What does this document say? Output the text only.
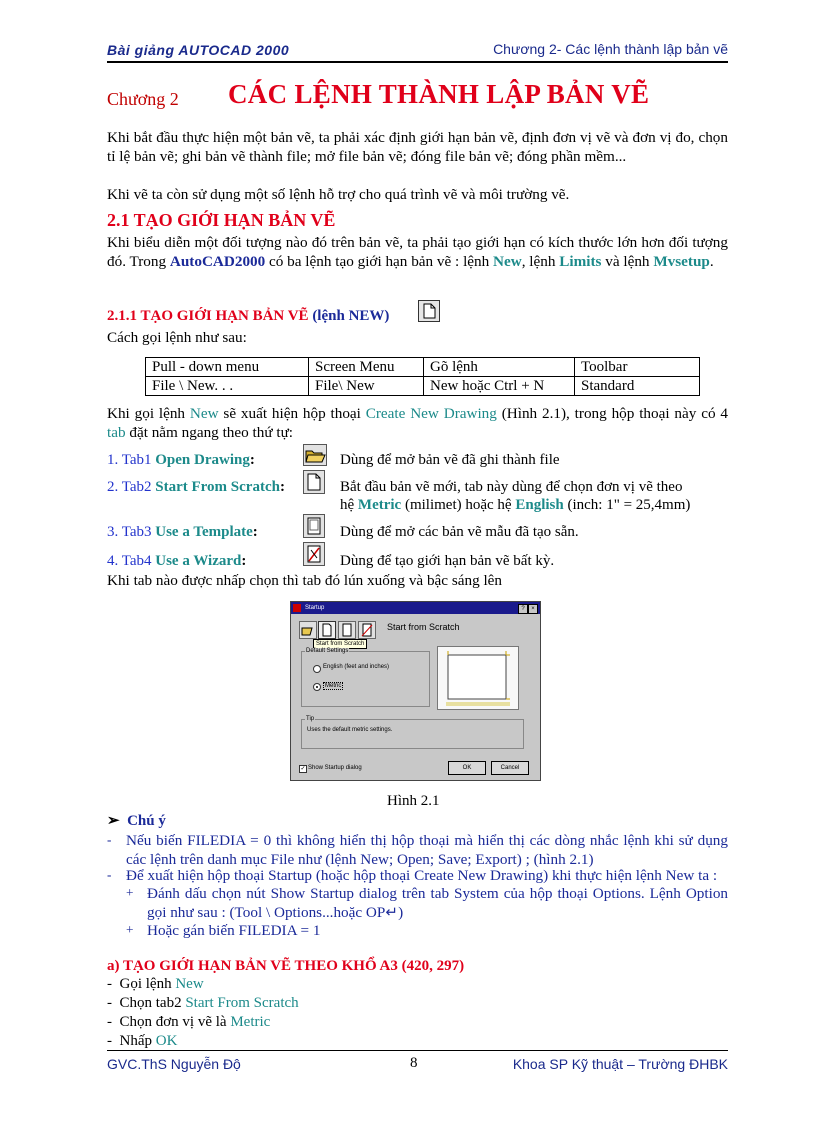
Bài giảng AUTOCAD 2000	Chương 2- Các lệnh thành lập bản vẽ
Chương 2 CÁC LỆNH THÀNH LẬP BẢN VẼ

Khi bắt đầu thực hiện một bản vẽ, ta phải xác định giới hạn bản vẽ, định đơn vị vẽ và đơn vị đo, chọn tỉ lệ bản vẽ; ghi bản vẽ thành file; mở file bản vẽ; đóng file bản vẽ; đóng phần mềm...

Khi vẽ ta còn sử dụng một số lệnh hỗ trợ cho quá trình vẽ và môi trường vẽ.

2.1 TẠO GIỚI HẠN BẢN VẼ

Khi biểu diễn một đối tượng nào đó trên bản vẽ, ta phải tạo giới hạn có kích thước lớn hơn đối tượng đó. Trong AutoCAD2000 có ba lệnh tạo giới hạn bản vẽ : lệnh New, lệnh Limits và lệnh Mvsetup.

2.1.1 TẠO GIỚI HẠN BẢN VẼ (lệnh NEW)

Cách gọi lệnh như sau:

Pull - down menu	Screen Menu	Gõ lệnh	Toolbar
File \ New. . .	File\ New	New hoặc Ctrl + N	Standard

Khi gọi lệnh New sẽ xuất hiện hộp thoại Create New Drawing (Hình 2.1), trong hộp thoại này có 4 tab đặt nằm ngang theo thứ tự:

1. Tab1 Open Drawing:	Dùng để mở bản vẽ đã ghi thành file
2. Tab2 Start From Scratch:	Bắt đầu bản vẽ mới, tab này dùng để chọn đơn vị vẽ theo
hệ Metric (milimet) hoặc hệ English (inch: 1" = 25,4mm)
3. Tab3 Use a Template:	Dùng để mở các bản vẽ mẫu đã tạo sẵn.
4. Tab4 Use a Wizard:	Dùng để tạo giới hạn bản vẽ bất kỳ.

Khi tab nào được nhấp chọn thì tab đó lún xuống và bậc sáng lên

Startup	?	×
Start from Scratch
Start from Scratch
Default Settings
English (feet and inches)
Metric
Tip
Uses the default metric settings.
✓ Show Startup dialog	OK	Cancel
Hình 2.1
➢ Chú ý
- Nếu biến FILEDIA = 0 thì không hiển thị hộp thoại mà hiển thị các dòng nhắc lệnh khi sử dụng các lệnh trên danh mục File như (lệnh New; Open; Save; Export) ; (hình 2.1)

- Để xuất hiện hộp thoại Startup (hoặc hộp thoại Create New Drawing) khi thực hiện lệnh New ta :

+ Đánh dấu chọn nút Show Startup dialog trên tab System của hộp thoại Options. Lệnh Option gọi như sau : (Tool \ Options...hoặc OP↵)

+ Hoặc gán biến FILEDIA = 1

a) TẠO GIỚI HẠN BẢN VẼ THEO KHỔ A3 (420, 297)
-  Gọi lệnh New
-  Chọn tab2 Start From Scratch
-  Chọn đơn vị vẽ là Metric
-  Nhấp OK
GVC.ThS Nguyễn Độ	8	Khoa SP Kỹ thuật – Trường ĐHBK
